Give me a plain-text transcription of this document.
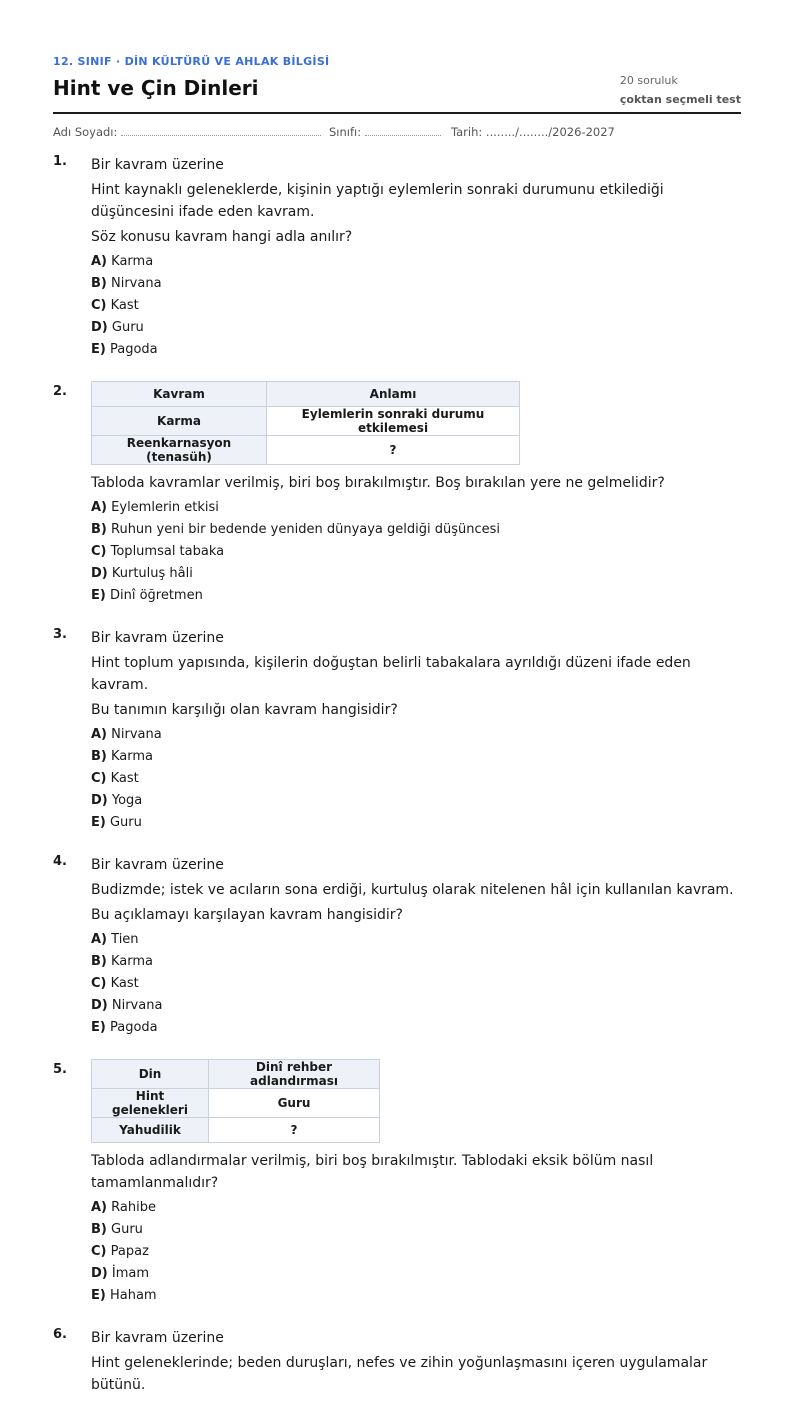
12. SINIF · DİN KÜLTÜRÜ VE AHLAK BİLGİSİ
Hint ve Çin Dinleri	20 soruluk
çoktan seçmeli test
Adı Soyadı:	Sınıfı:	Tarih: ......../......../2026-2027
1. Bir kavram üzerine
Hint kaynaklı geleneklerde, kişinin yaptığı eylemlerin sonraki durumunu etkilediği düşüncesini ifade eden kavram.
Söz konusu kavram hangi adla anılır?
A) Karma
B) Nirvana
C) Kast
D) Guru
E) Pagoda
2.	Kavram	Anlamı
Karma	Eylemlerin sonraki durumu etkilemesi
Reenkarnasyon (tenasüh)	?
Tabloda kavramlar verilmiş, biri boş bırakılmıştır. Boş bırakılan yere ne gelmelidir?
A) Eylemlerin etkisi
B) Ruhun yeni bir bedende yeniden dünyaya geldiği düşüncesi
C) Toplumsal tabaka
D) Kurtuluş hâli
E) Dinî öğretmen
3. Bir kavram üzerine
Hint toplum yapısında, kişilerin doğuştan belirli tabakalara ayrıldığı düzeni ifade eden kavram.
Bu tanımın karşılığı olan kavram hangisidir?
A) Nirvana
B) Karma
C) Kast
D) Yoga
E) Guru
4. Bir kavram üzerine
Budizmde; istek ve acıların sona erdiği, kurtuluş olarak nitelenen hâl için kullanılan kavram.
Bu açıklamayı karşılayan kavram hangisidir?
A) Tien
B) Karma
C) Kast
D) Nirvana
E) Pagoda
5.	Din	Dinî rehber adlandırması
Hint gelenekleri	Guru
Yahudilik	?
Tabloda adlandırmalar verilmiş, biri boş bırakılmıştır. Tablodaki eksik bölüm nasıl tamamlanmalıdır?
A) Rahibe
B) Guru
C) Papaz
D) İmam
E) Haham
6. Bir kavram üzerine
Hint geleneklerinde; beden duruşları, nefes ve zihin yoğunlaşmasını içeren uygulamalar bütünü.
